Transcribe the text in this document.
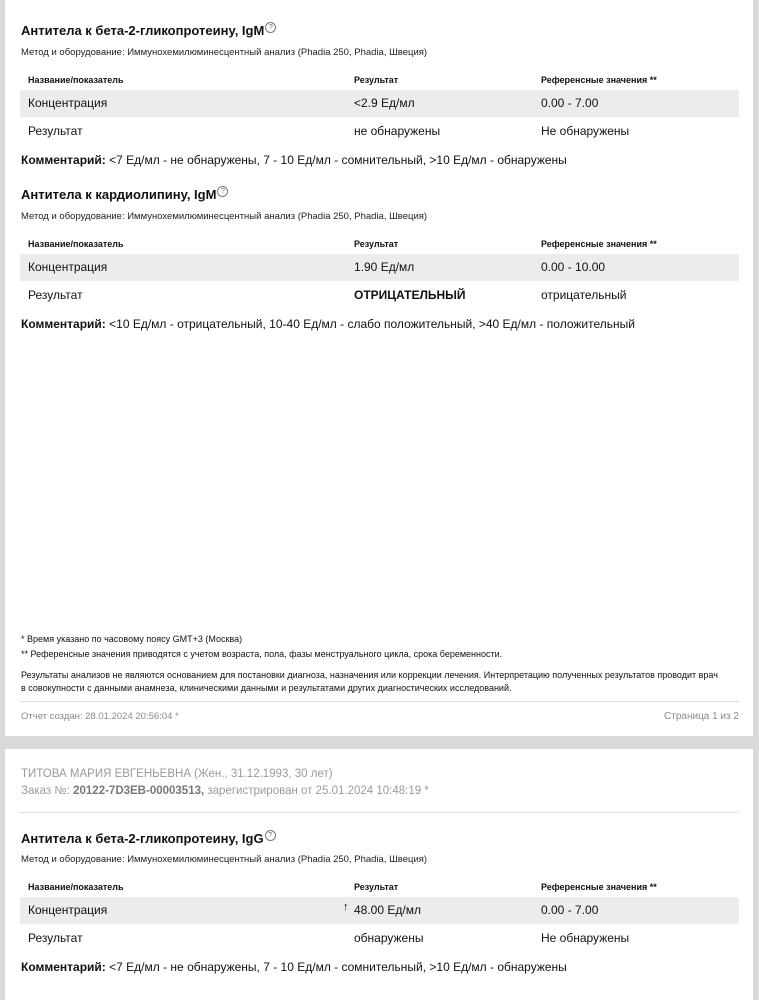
Антитела к бета-2-гликопротеину, IgM ?
Метод и оборудование: Иммунохемилюминесцентный анализ (Phadia 250, Phadia, Швеция)
Название/показатель	Результат	Референсные значения **
Концентрация	<2.9 Ед/мл	0.00 - 7.00
Результат	не обнаружены	Не обнаружены
Комментарий: <7 Ед/мл - не обнаружены, 7 - 10 Ед/мл - сомнительный, >10 Ед/мл - обнаружены
Антитела к кардиолипину, IgM ?
Метод и оборудование: Иммунохемилюминесцентный анализ (Phadia 250, Phadia, Швеция)
Название/показатель	Результат	Референсные значения **
Концентрация	1.90 Ед/мл	0.00 - 10.00
Результат	ОТРИЦАТЕЛЬНЫЙ	отрицательный
Комментарий: <10 Ед/мл - отрицательный, 10-40 Ед/мл - слабо положительный, >40 Ед/мл - положительный
* Время указано по часовому поясу GMT+3 (Москва)
** Референсные значения приводятся с учетом возраста, пола, фазы менструального цикла, срока беременности.
Результаты анализов не являются основанием для постановки диагноза, назначения или коррекции лечения. Интерпретацию полученных результатов проводит врач
в совокупности с данными анамнеза, клиническими данными и результатами других диагностических исследований.
Отчет создан: 28.01.2024 20:56:04 *	Страница 1 из 2
ТИТОВА МАРИЯ ЕВГЕНЬЕВНА (Жен., 31.12.1993, 30 лет)
Заказ №: 20122-7D3EB-00003513, зарегистрирован от 25.01.2024 10:48:19 *
Антитела к бета-2-гликопротеину, IgG ?
Метод и оборудование: Иммунохемилюминесцентный анализ (Phadia 250, Phadia, Швеция)
Название/показатель	Результат	Референсные значения **
Концентрация	↑ 48.00 Ед/мл	0.00 - 7.00
Результат	обнаружены	Не обнаружены
Комментарий: <7 Ед/мл - не обнаружены, 7 - 10 Ед/мл - сомнительный, >10 Ед/мл - обнаружены
